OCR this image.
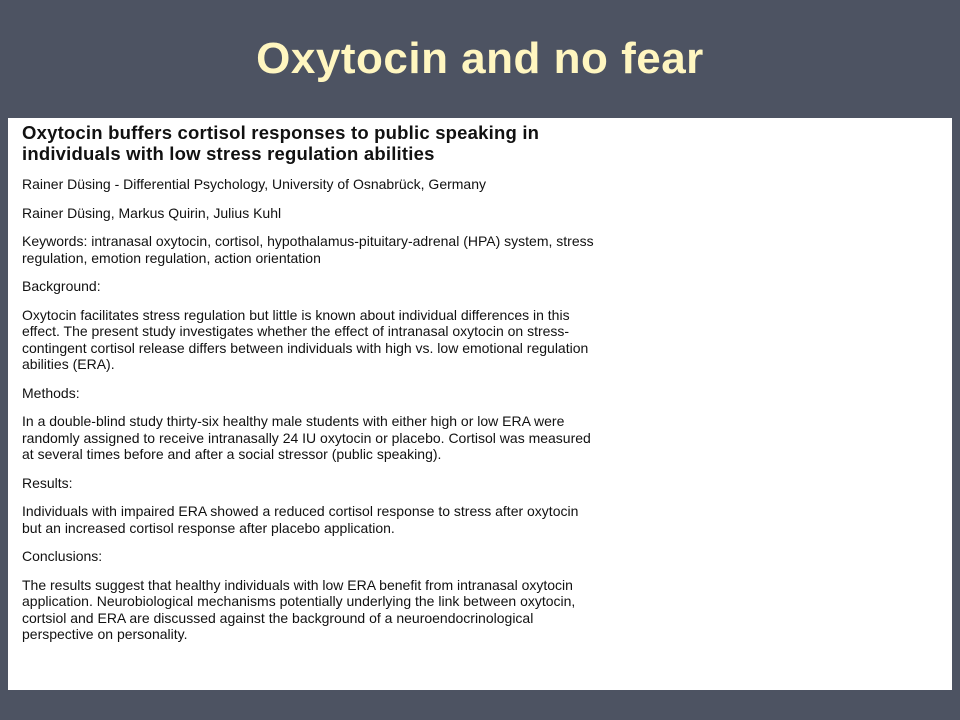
Oxytocin and no fear
Oxytocin buffers cortisol responses to public speaking in
individuals with low stress regulation abilities
Rainer Düsing - Differential Psychology, University of Osnabrück, Germany
Rainer Düsing, Markus Quirin, Julius Kuhl
Keywords: intranasal oxytocin, cortisol, hypothalamus-pituitary-adrenal (HPA) system, stress
regulation, emotion regulation, action orientation
Background:
Oxytocin facilitates stress regulation but little is known about individual differences in this
effect. The present study investigates whether the effect of intranasal oxytocin on stress-
contingent cortisol release differs between individuals with high vs. low emotional regulation
abilities (ERA).
Methods:
In a double-blind study thirty-six healthy male students with either high or low ERA were
randomly assigned to receive intranasally 24 IU oxytocin or placebo. Cortisol was measured
at several times before and after a social stressor (public speaking).
Results:
Individuals with impaired ERA showed a reduced cortisol response to stress after oxytocin
but an increased cortisol response after placebo application.
Conclusions:
The results suggest that healthy individuals with low ERA benefit from intranasal oxytocin
application. Neurobiological mechanisms potentially underlying the link between oxytocin,
cortsiol and ERA are discussed against the background of a neuroendocrinological
perspective on personality.
